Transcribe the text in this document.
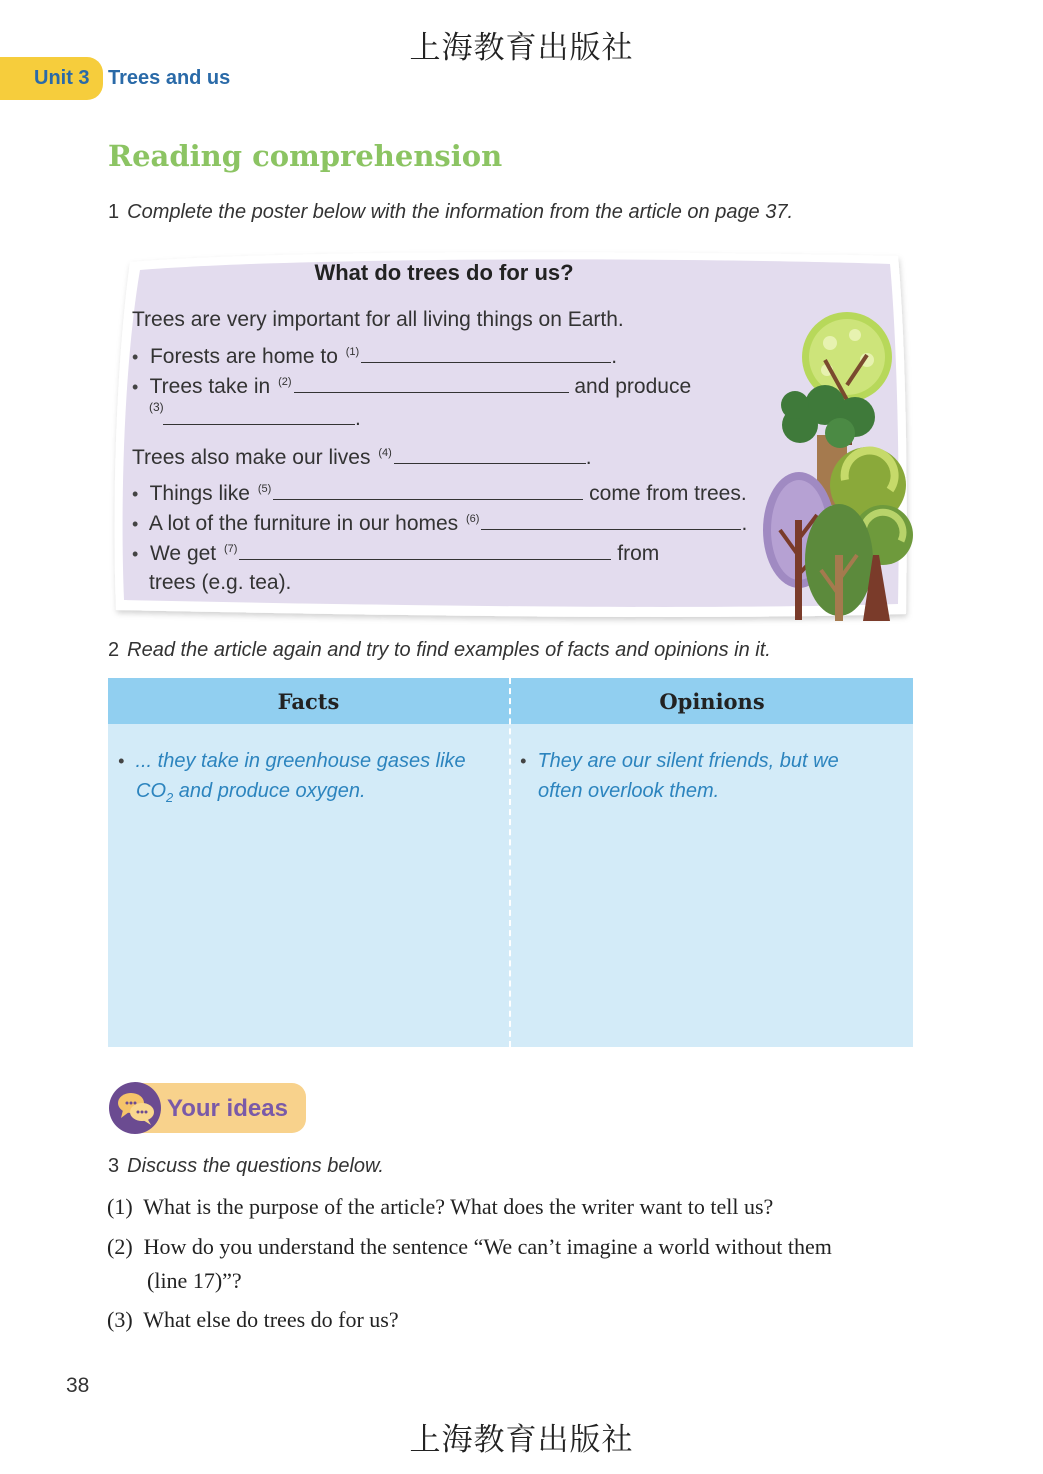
上海教育出版社
Unit 3 Trees and us
Reading comprehension
1 Complete the poster below with the information from the article on page 37.
What do trees do for us?
Trees are very important for all living things on Earth.
• Forests are home to $^{(1)}$	.
• Trees take in $^{(2)}$	and produce
(3)	.
Trees also make our lives $^{(4)}$	.
• Things like $^{(5)}$	come from trees.
• A lot of the furniture in our homes $^{(6)}$	.
• We get $^{(7)}$	from
trees (e.g. tea).
2 Read the article again and try to find examples of facts and opinions in it.
Facts	Opinions
• ... they take in greenhouse gases like
$CO_2$ and produce oxygen.
• They are our silent friends, but we
often overlook them.
Your ideas
3 Discuss the questions below.
(1) What is the purpose of the article? What does the writer want to tell us?
(2) How do you understand the sentence “We can’t imagine a world without them
(line 17)”?
(3) What else do trees do for us?
38
上海教育出版社
